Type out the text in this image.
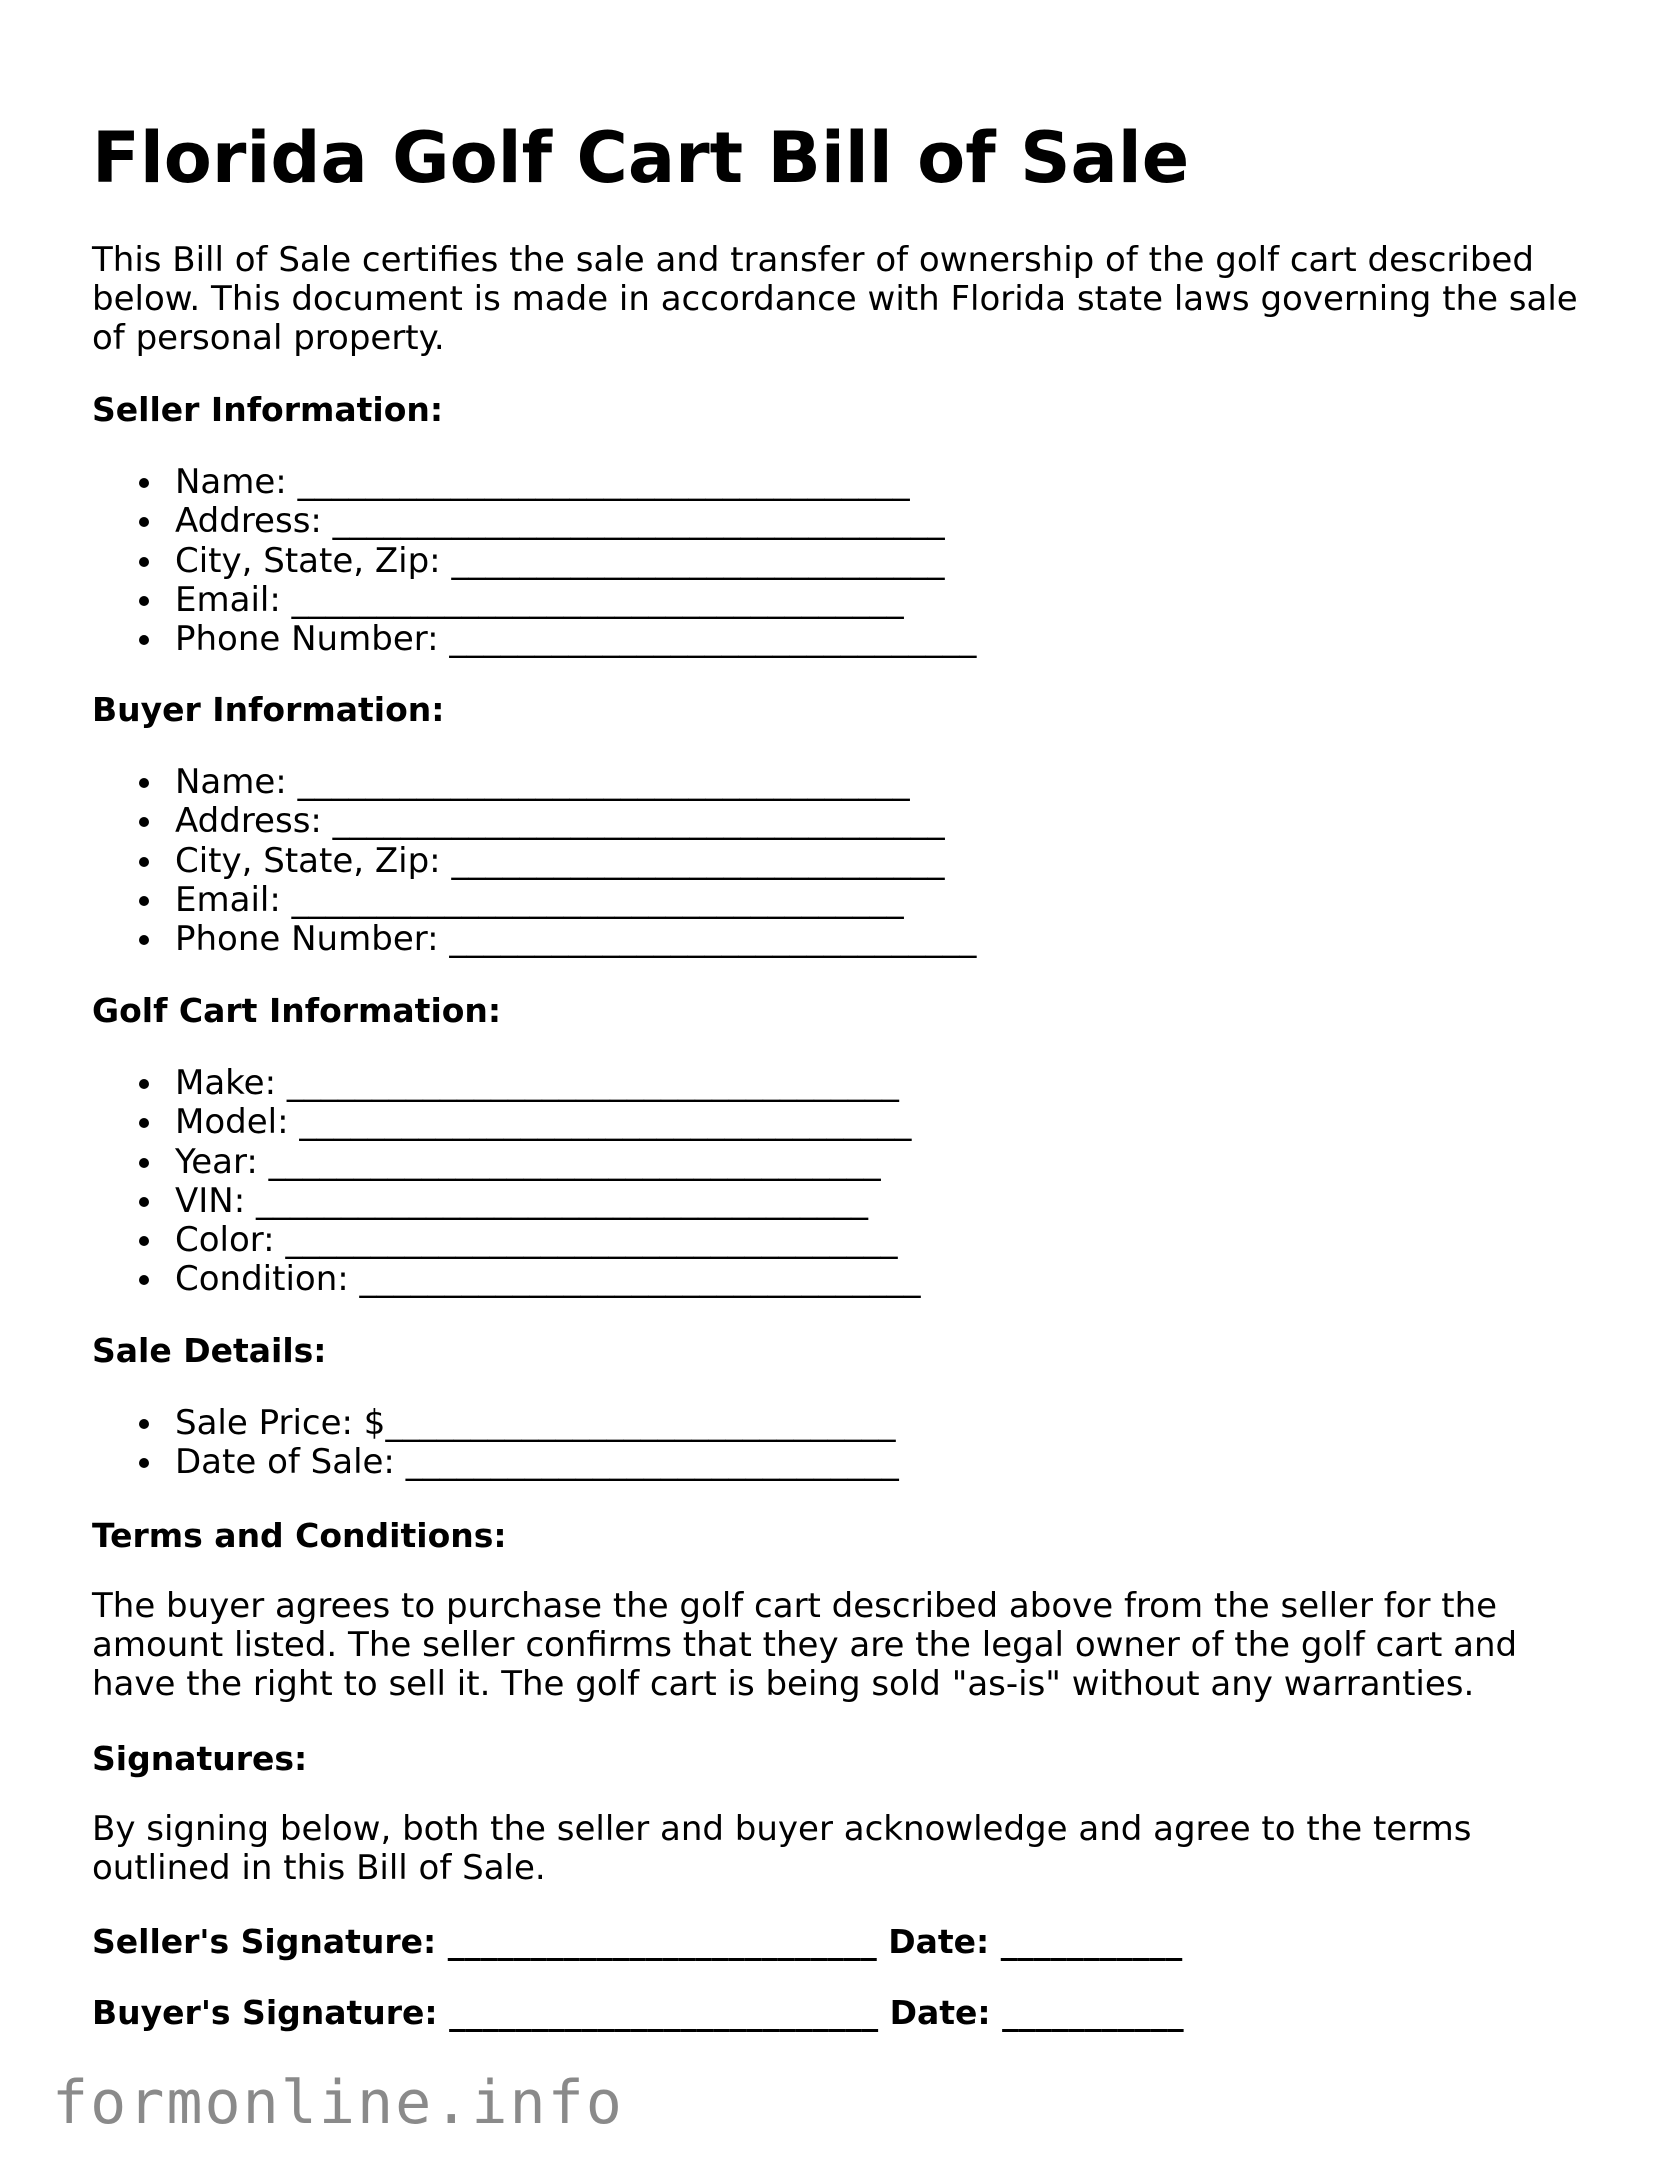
Florida Golf Cart Bill of Sale

This Bill of Sale certifies the sale and transfer of ownership of the golf cart described below. This document is made in accordance with Florida state laws governing the sale of personal property.

Seller Information:
Name: ____________________________________
Address: ____________________________________
City, State, Zip: _____________________________
Email: ____________________________________
Phone Number: _______________________________
Buyer Information:
Name: ____________________________________
Address: ____________________________________
City, State, Zip: _____________________________
Email: ____________________________________
Phone Number: _______________________________
Golf Cart Information:
Make: ____________________________________
Model: ____________________________________
Year: ____________________________________
VIN: ____________________________________
Color: ____________________________________
Condition: _________________________________
Sale Details:
Sale Price: $______________________________
Date of Sale: _____________________________
Terms and Conditions:

The buyer agrees to purchase the golf cart described above from the seller for the amount listed. The seller confirms that they are the legal owner of the golf cart and have the right to sell it. The golf cart is being sold "as-is" without any warranties.

Signatures:

By signing below, both the seller and buyer acknowledge and agree to the terms outlined in this Bill of Sale.

Seller's Signature: __________________________ Date: ___________
Buyer's Signature: __________________________ Date: ___________
formonline.info
